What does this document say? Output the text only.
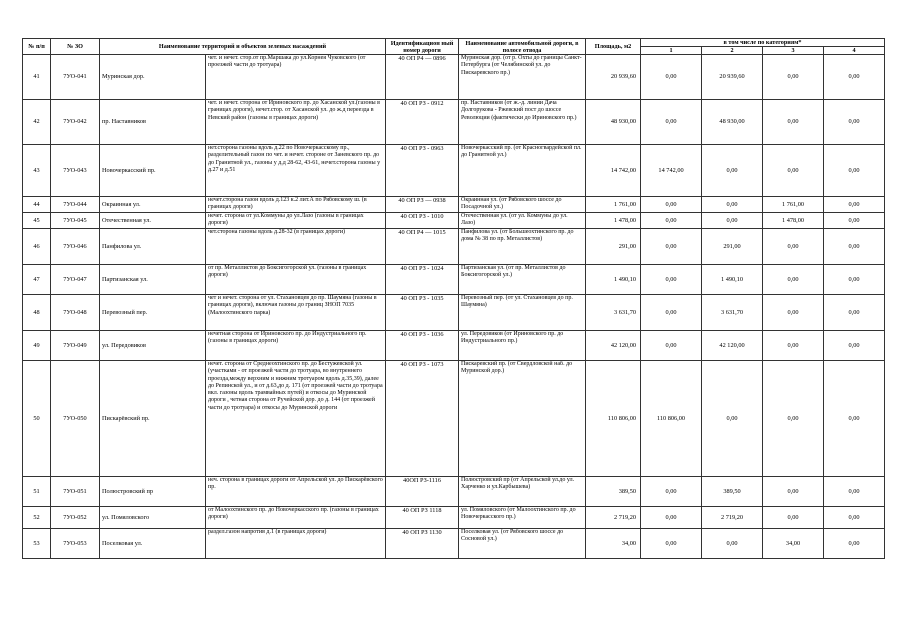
№ п/п	№ ЗО	Наименование территорий и объектов зеленых насаждений		Идентификацион ный номер дороги	Наименование автомобильной дороги, в полосе отвода	Площадь, м2	в том числе по категориям*			
							1	2	3	4
41	7УО-041	Муринская дор.	чет. и нечет. стор.от пр.Маршака до ул.Корнея Чуковского (от проезжей части до тротуара)	40 ОП Р4 — 0896	Муринская дор. (от р. Охты до границы Санкт-Петербурга (от Челябинской ул. до Пискаревского пр.)	20 939,60	0,00	20 939,60	0,00	0,00
42	7УО-042	пр. Наставников	чет. и нечет. сторона от Ириновского пр. до Хасанской ул.(газоны в границах дороги), нечет.стор. от Хасанской ул. до ж.д переезда в Невский район (газоны в границах дороги)	40 ОП РЗ - 0912	пр. Наставников (от ж.-д. линии Дача Долгорукова - Ржевский пост до шоссе Революции (фактически до Ириновского пр.)	48 930,00	0,00	48 930,00	0,00	0,00
43	7УО-043	Новочеркасский пр.	нет.сторона газоны вдоль д.22 по Новочеркасскому пр., разделительный газон по чет. и нечет. стороне от Заневского пр. до до Гранитной ул., газоны у д.д 28-62, 43-61, нечет.сторона газоны у д.27 и д.51	40 ОП РЗ - 0963	Новочеркасский пр. (от Красногвардейской пл. до Гранитной ул.)	14 742,00	14 742,00	0,00	0,00	0,00
44	7УО-044	Окраинная ул.	нечет.сторона газон вдоль д.123 к.2 лит.А по Рябовскому ш. (в границах дороги)	40 ОП РЗ — 0938	Окраинная ул. (от Рябовского шоссе до Посадочной ул.)	1 761,00	0,00	0,00	1 761,00	0,00
45	7УО-045	Отечественная ул.	нечет. сторона от ул.Коммуны до ул.Лазо (газоны в границах дороги)	40 ОП РЗ - 1010	Отечественная ул. (от ул. Коммуны до ул. Лазо)	1 478,00	0,00	0,00	1 478,00	0,00
46	7УО-046	Панфилова ул.	чет.сторона газоны вдоль д.28-32 (в границах дороги)	40 ОП Р4 — 1015	Панфилова ул. (от Большеохтинского пр. до дома № 38 по пр. Металлистов)	291,00	0,00	291,00	0,00	0,00
47	7УО-047	Партизанская ул.	от пр. Металлистов до Боксигогорской ул. (газоны в границах дороги)	40 ОП РЗ - 1024	Партизанская ул. (от пр. Металлистов до Боксигогорской ул.)	1 490,10	0,00	1 490,10	0,00	0,00
48	7УО-048	Перевозный пер.	чет и нечет. сторона от ул. Стахановцев до пр. Шаумяна (газоны в границах дороги), включая газоны до границ ЗНОП 7035 (Малоохтинского парка)	40 ОП РЗ - 1035	Перевозный пер. (от ул. Стахановцев до пр. Шаумяна)	3 631,70	0,00	3 631,70	0,00	0,00
49	7УО-049	ул. Передовиков	нечетная сторона от Ириновского пр. до Индустриального пр. (газоны в границах дороги)	40 ОП РЗ - 1036	ул. Передовиков (от Ириновского пр. до Индустриального пр.)	42 120,00	0,00	42 120,00	0,00	0,00
50	7УО-050	Пискарёвский пр.	нечет. сторона от Среднеохтинского пр. до Бестужевской ул. (участками - от проезжей части до тротуара, во внутреннего проезда,между верхним и нижним тротуаром вдоль д.35,39), далее до Репинской ул., и от д.63,до д. 171 (от проезжей части до тротуара вкл. газоны вдоль трамвайных путей) и откосы до Муринской дороги , четная сторона от Ручейской дор. до д. 144 (от проезжей части до тротуара) и откосы до Муринской дороги	40 ОП РЗ - 1073	Пискаревский пр. (от Свердловской наб. до Муринской дор.)	110 806,00	110 806,00	0,00	0,00	0,00
51	7УО-051	Полюстровский пр	неч. сторона в границах дороги от Апрельской ул. до Пискарёвского пр.	40ОП РЗ-1116	Полюстровский пр (от Апрельской ул.до ул. Харченко и ул.Карбышева)	389,50	0,00	389,50	0,00	0,00
52	7УО-052	ул. Помяловского	от Малоохтинского пр. до Новочеркасского пр. (газоны в границах дороги)	40 ОП РЗ 1118	ул. Помяловского (от Малоохтинского пр. до Новочеркасского пр.)	2 719,20	0,00	2 719,20	0,00	0,00
53	7УО-053	Поселковая ул.	раздел.газон напротив д.1 (в границах дороги)	40 ОП РЗ 1130	Поселковая ул. (от Рябовского шоссе до Сосновой ул.)	34,00	0,00	0,00	34,00	0,00
